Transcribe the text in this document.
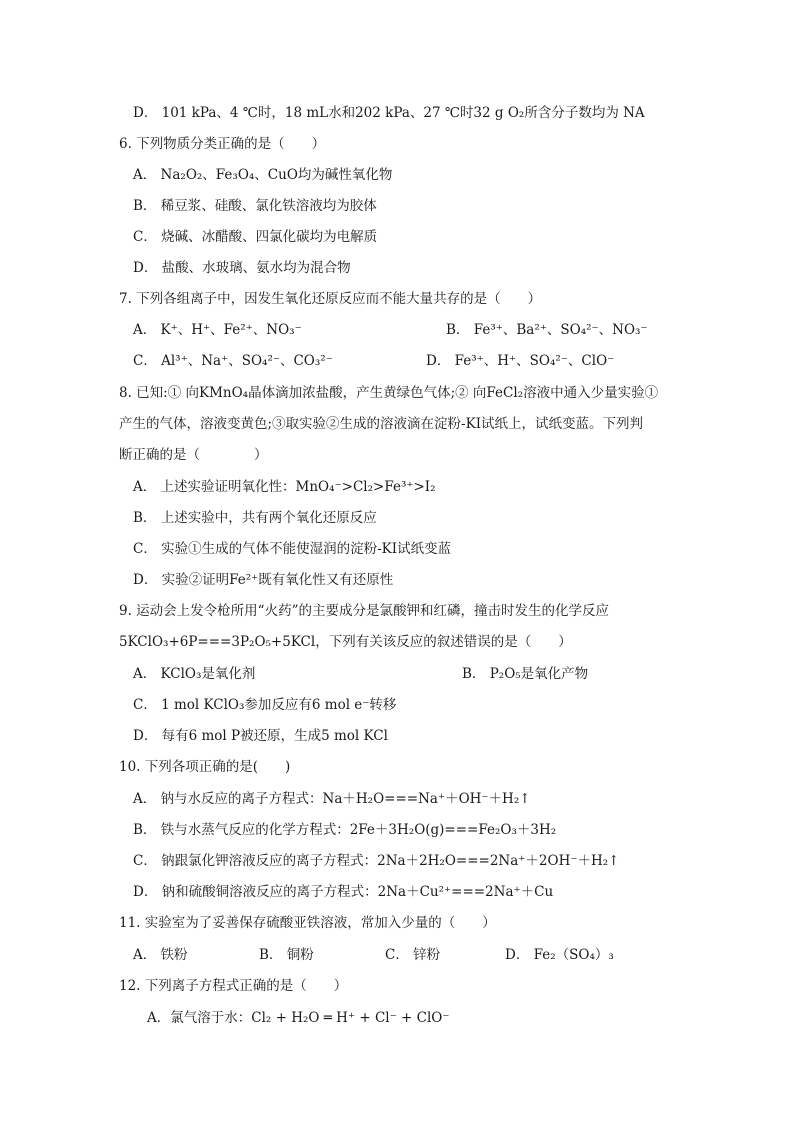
D． 101 kPa、4 ℃时，18 mL水和202 kPa、27 ℃时32 g O₂所含分子数均为 NA
6. 下列物质分类正确的是（　　）
A． Na₂O₂、Fe₃O₄、CuO均为碱性氧化物
B． 稀豆浆、硅酸、氯化铁溶液均为胶体
C． 烧碱、冰醋酸、四氯化碳均为电解质
D． 盐酸、水玻璃、氨水均为混合物
7. 下列各组离子中，因发生氧化还原反应而不能大量共存的是（　　）
A． K⁺、H⁺、Fe²⁺、NO₃⁻	B． Fe³⁺、Ba²⁺、SO₄²⁻、NO₃⁻
C． Al³⁺、Na⁺、SO₄²⁻、CO₃²⁻	D． Fe³⁺、H⁺、SO₄²⁻、ClO⁻
8. 已知:① 向KMnO₄晶体滴加浓盐酸，产生黄绿色气体;② 向FeCl₂溶液中通入少量实验①
产生的气体，溶液变黄色;③取实验②生成的溶液滴在淀粉-KI试纸上，试纸变蓝。下列判
断正确的是（　　　　）
A． 上述实验证明氧化性：MnO₄⁻>Cl₂>Fe³⁺>I₂
B． 上述实验中，共有两个氧化还原反应
C． 实验①生成的气体不能使湿润的淀粉-KI试纸变蓝
D． 实验②证明Fe²⁺既有氧化性又有还原性
9. 运动会上发令枪所用“火药”的主要成分是氯酸钾和红磷，撞击时发生的化学反应
5KClO₃+6P===3P₂O₅+5KCl，下列有关该反应的叙述错误的是（　　）
A． KClO₃是氧化剂	B． P₂O₅是氧化产物
C． 1 mol KClO₃参加反应有6 mol e⁻转移
D． 每有6 mol P被还原，生成5 mol KCl
10. 下列各项正确的是(　　)
A． 钠与水反应的离子方程式：Na＋H₂O===Na⁺＋OH⁻＋H₂↑
B． 铁与水蒸气反应的化学方程式：2Fe＋3H₂O(g)===Fe₂O₃＋3H₂
C． 钠跟氯化钾溶液反应的离子方程式：2Na＋2H₂O===2Na⁺＋2OH⁻＋H₂↑
D． 钠和硫酸铜溶液反应的离子方程式：2Na＋Cu²⁺===2Na⁺＋Cu
11. 实验室为了妥善保存硫酸亚铁溶液，常加入少量的（　　）
A． 铁粉	B． 铜粉	C． 锌粉	D． Fe₂（SO₄）₃
12. 下列离子方程式正确的是（　　）
A．氯气溶于水：Cl₂ + H₂O ═ H⁺ + Cl⁻ + ClO⁻
